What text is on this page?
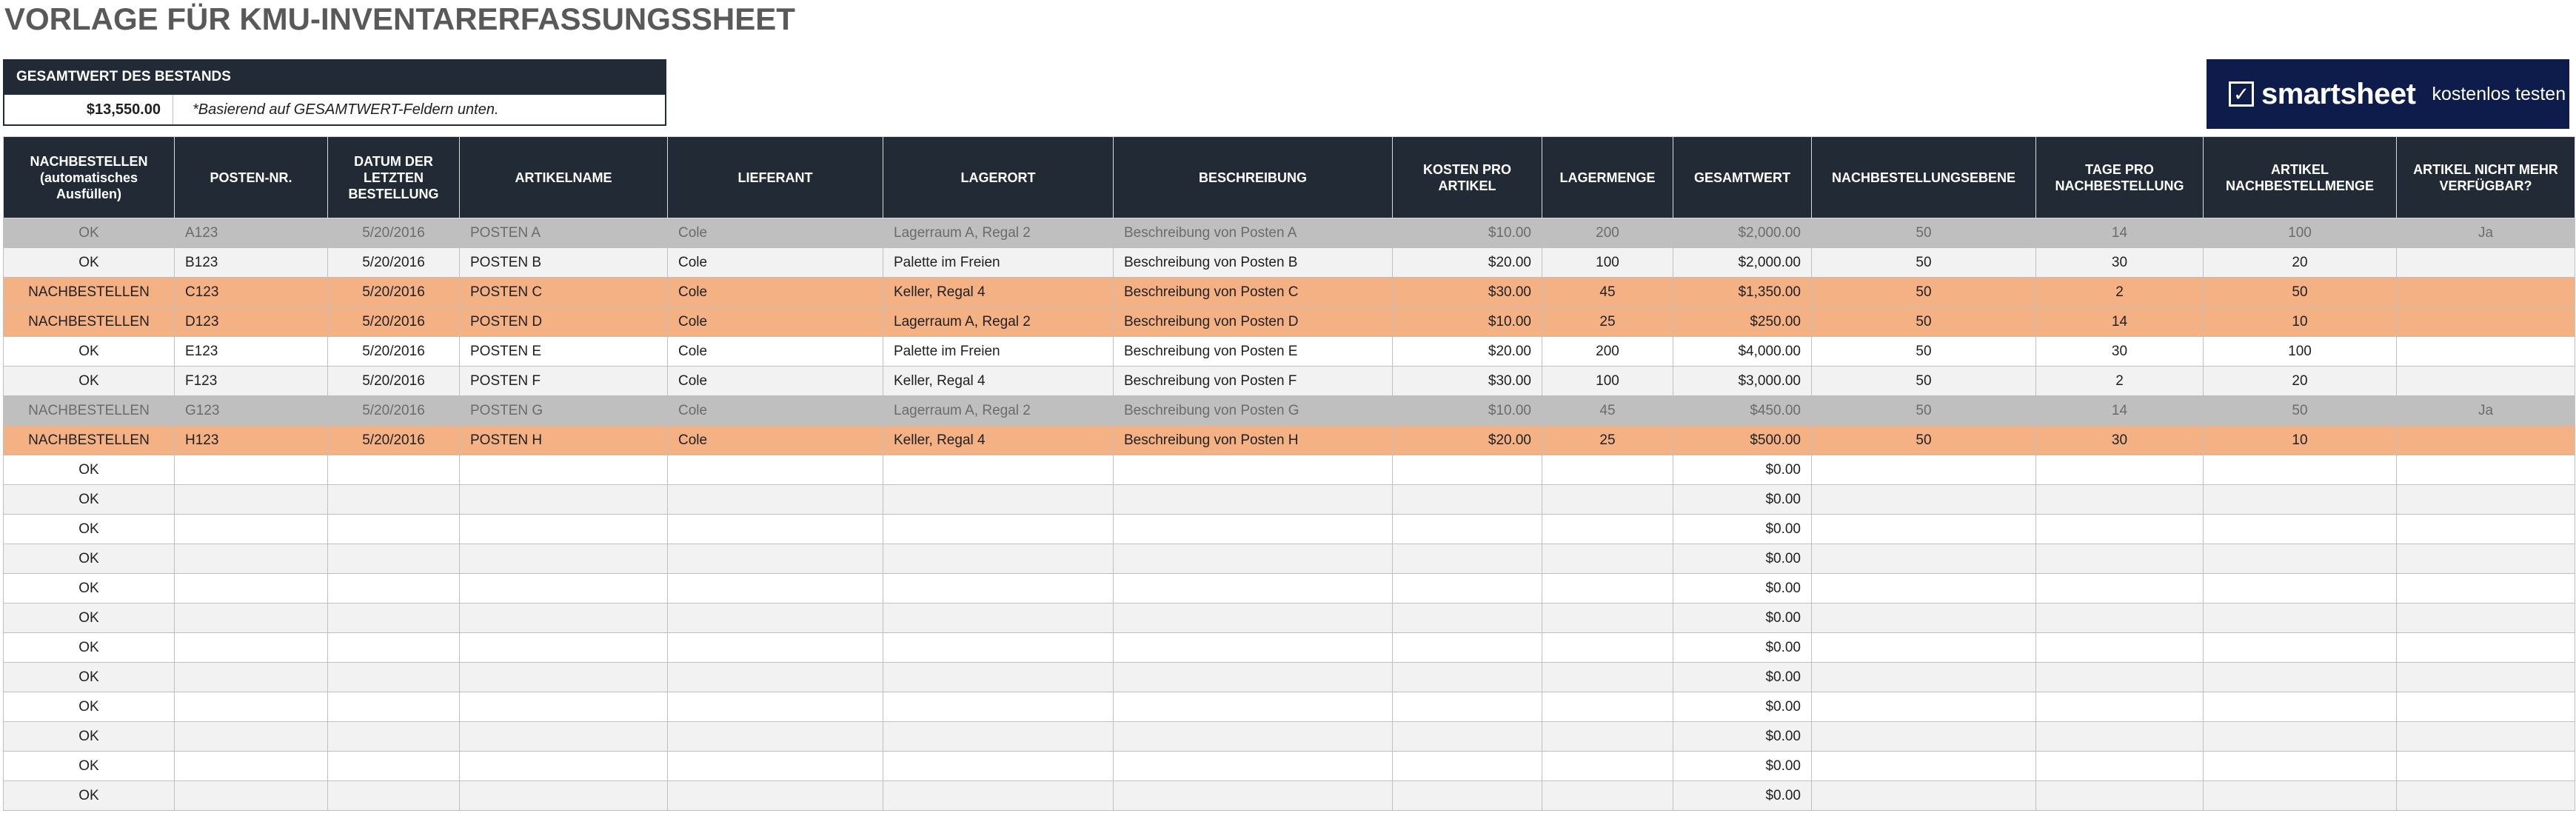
VORLAGE FÜR KMU-INVENTARERFASSUNGSSHEET
GESAMTWERT DES BESTANDS
$13,550.00	*Basierend auf GESAMTWERT-Feldern unten.
✓ smartsheet kostenlos testen
NACHBESTELLEN (automatisches Ausfüllen)	POSTEN-NR.	DATUM DER LETZTEN BESTELLUNG	ARTIKELNAME	LIEFERANT	LAGERORT	BESCHREIBUNG	KOSTEN PRO ARTIKEL	LAGERMENGE	GESAMTWERT	NACHBESTELLUNGSEBENE	TAGE PRO NACHBESTELLUNG	ARTIKEL NACHBESTELLMENGE	ARTIKEL NICHT MEHR VERFÜGBAR?
OK	A123	5/20/2016	POSTEN A	Cole	Lagerraum A, Regal 2	Beschreibung von Posten A	$10.00	200	$2,000.00	50	14	100	Ja
OK	B123	5/20/2016	POSTEN B	Cole	Palette im Freien	Beschreibung von Posten B	$20.00	100	$2,000.00	50	30	20	
NACHBESTELLEN	C123	5/20/2016	POSTEN C	Cole	Keller, Regal 4	Beschreibung von Posten C	$30.00	45	$1,350.00	50	2	50	
NACHBESTELLEN	D123	5/20/2016	POSTEN D	Cole	Lagerraum A, Regal 2	Beschreibung von Posten D	$10.00	25	$250.00	50	14	10	
OK	E123	5/20/2016	POSTEN E	Cole	Palette im Freien	Beschreibung von Posten E	$20.00	200	$4,000.00	50	30	100	
OK	F123	5/20/2016	POSTEN F	Cole	Keller, Regal 4	Beschreibung von Posten F	$30.00	100	$3,000.00	50	2	20	
NACHBESTELLEN	G123	5/20/2016	POSTEN G	Cole	Lagerraum A, Regal 2	Beschreibung von Posten G	$10.00	45	$450.00	50	14	50	Ja
NACHBESTELLEN	H123	5/20/2016	POSTEN H	Cole	Keller, Regal 4	Beschreibung von Posten H	$20.00	25	$500.00	50	30	10	
OK									$0.00				
OK									$0.00				
OK									$0.00				
OK									$0.00				
OK									$0.00				
OK									$0.00				
OK									$0.00				
OK									$0.00				
OK									$0.00				
OK									$0.00				
OK									$0.00				
OK									$0.00				
